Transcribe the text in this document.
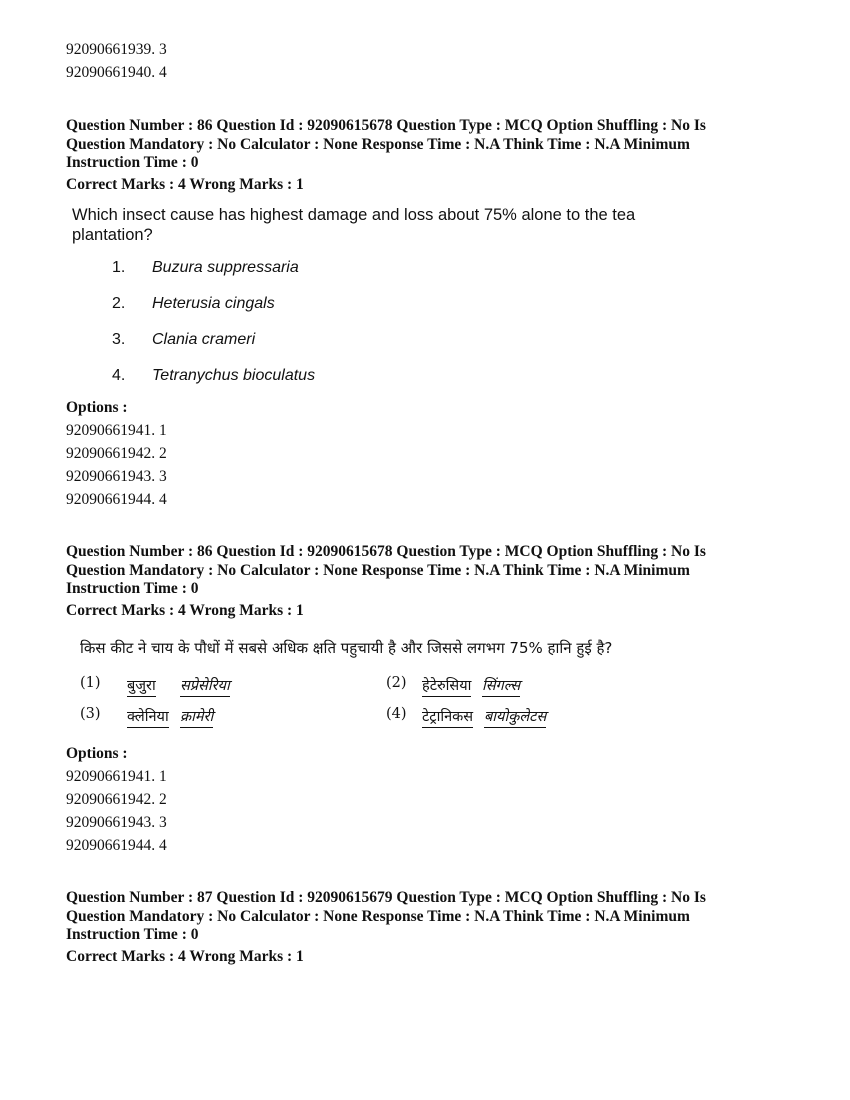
92090661939. 3
92090661940. 4
Question Number : 86 Question Id : 92090615678 Question Type : MCQ Option Shuffling : No Is
Question Mandatory : No Calculator : None Response Time : N.A Think Time : N.A Minimum
Instruction Time : 0
Correct Marks : 4 Wrong Marks : 1
Which insect cause has highest damage and loss about 75% alone to the tea
plantation?
1. Buzura suppressaria
2. Heterusia cingals
3. Clania crameri
4. Tetranychus bioculatus
Options :
92090661941. 1
92090661942. 2
92090661943. 3
92090661944. 4
Question Number : 86 Question Id : 92090615678 Question Type : MCQ Option Shuffling : No Is
Question Mandatory : No Calculator : None Response Time : N.A Think Time : N.A Minimum
Instruction Time : 0
Correct Marks : 4 Wrong Marks : 1
किस कीट ने चाय के पौधों में सबसे अधिक क्षति पहुचायी है और जिससे लगभग 75% हानि हुई है?
(1) बुजुरा सप्रेसेरिया	(2) हेटेरुसिया सिंगल्स
(3) क्लेनिया क्रामेरी	(4) टेट्रानिकस बायोकुलेटस
Options :
92090661941. 1
92090661942. 2
92090661943. 3
92090661944. 4
Question Number : 87 Question Id : 92090615679 Question Type : MCQ Option Shuffling : No Is
Question Mandatory : No Calculator : None Response Time : N.A Think Time : N.A Minimum
Instruction Time : 0
Correct Marks : 4 Wrong Marks : 1
